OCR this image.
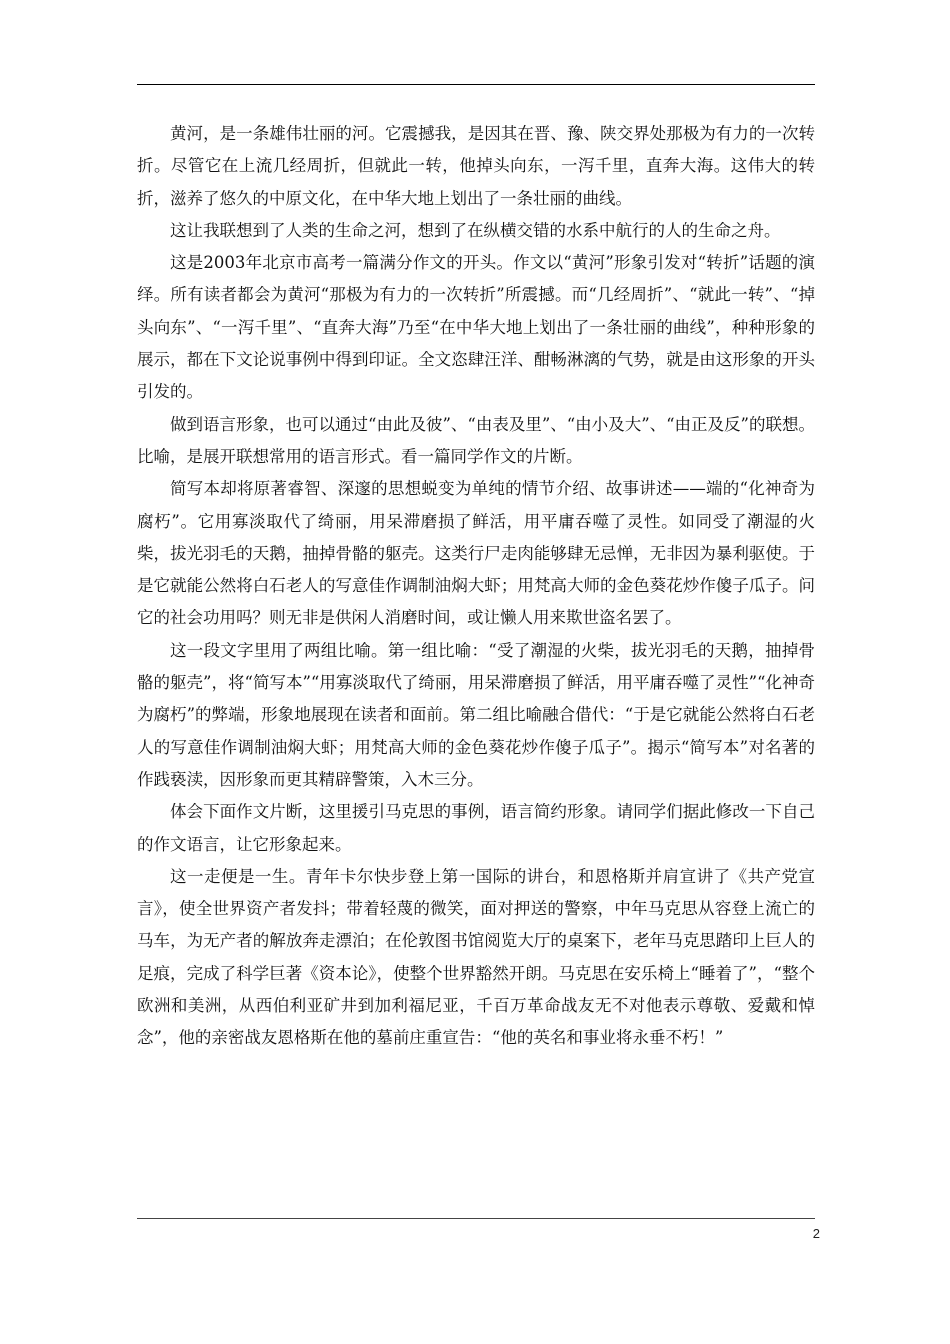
黄河，是一条雄伟壮丽的河。它震撼我，是因其在晋、豫、陕交界处那极为有力的一次转折。尽管它在上流几经周折，但就此一转，他掉头向东，一泻千里，直奔大海。这伟大的转折，滋养了悠久的中原文化，在中华大地上划出了一条壮丽的曲线。

这让我联想到了人类的生命之河，想到了在纵横交错的水系中航行的人的生命之舟。

这是2003年北京市高考一篇满分作文的开头。作文以“黄河”形象引发对“转折”话题的演绎。所有读者都会为黄河“那极为有力的一次转折”所震撼。而“几经周折”、“就此一转”、“掉头向东”、“一泻千里”、“直奔大海”乃至“在中华大地上划出了一条壮丽的曲线”，种种形象的展示，都在下文论说事例中得到印证。全文恣肆汪洋、酣畅淋漓的气势，就是由这形象的开头引发的。

做到语言形象，也可以通过“由此及彼”、“由表及里”、“由小及大”、“由正及反”的联想。比喻，是展开联想常用的语言形式。看一篇同学作文的片断。

简写本却将原著睿智、深邃的思想蜕变为单纯的情节介绍、故事讲述——端的“化神奇为腐朽”。它用寡淡取代了绮丽，用呆滞磨损了鲜活，用平庸吞噬了灵性。如同受了潮湿的火柴，拔光羽毛的天鹅，抽掉骨骼的躯壳。这类行尸走肉能够肆无忌惮，无非因为暴利驱使。于是它就能公然将白石老人的写意佳作调制油焖大虾；用梵高大师的金色葵花炒作傻子瓜子。问它的社会功用吗？则无非是供闲人消磨时间，或让懒人用来欺世盗名罢了。

这一段文字里用了两组比喻。第一组比喻：“受了潮湿的火柴，拔光羽毛的天鹅，抽掉骨骼的躯壳”，将“简写本”“用寡淡取代了绮丽，用呆滞磨损了鲜活，用平庸吞噬了灵性”“化神奇为腐朽”的弊端，形象地展现在读者和面前。第二组比喻融合借代：“于是它就能公然将白石老人的写意佳作调制油焖大虾；用梵高大师的金色葵花炒作傻子瓜子”。揭示“简写本”对名著的作践亵渎，因形象而更其精辟警策，入木三分。

体会下面作文片断，这里援引马克思的事例，语言简约形象。请同学们据此修改一下自己的作文语言，让它形象起来。

这一走便是一生。青年卡尔快步登上第一国际的讲台，和恩格斯并肩宣讲了《共产党宣言》，使全世界资产者发抖；带着轻蔑的微笑，面对押送的警察，中年马克思从容登上流亡的马车，为无产者的解放奔走漂泊；在伦敦图书馆阅览大厅的桌案下，老年马克思踏印上巨人的足痕，完成了科学巨著《资本论》，使整个世界豁然开朗。马克思在安乐椅上“睡着了”，“整个欧洲和美洲，从西伯利亚矿井到加利福尼亚，千百万革命战友无不对他表示尊敬、爱戴和悼念”，他的亲密战友恩格斯在他的墓前庄重宣告：“他的英名和事业将永垂不朽！”

2
